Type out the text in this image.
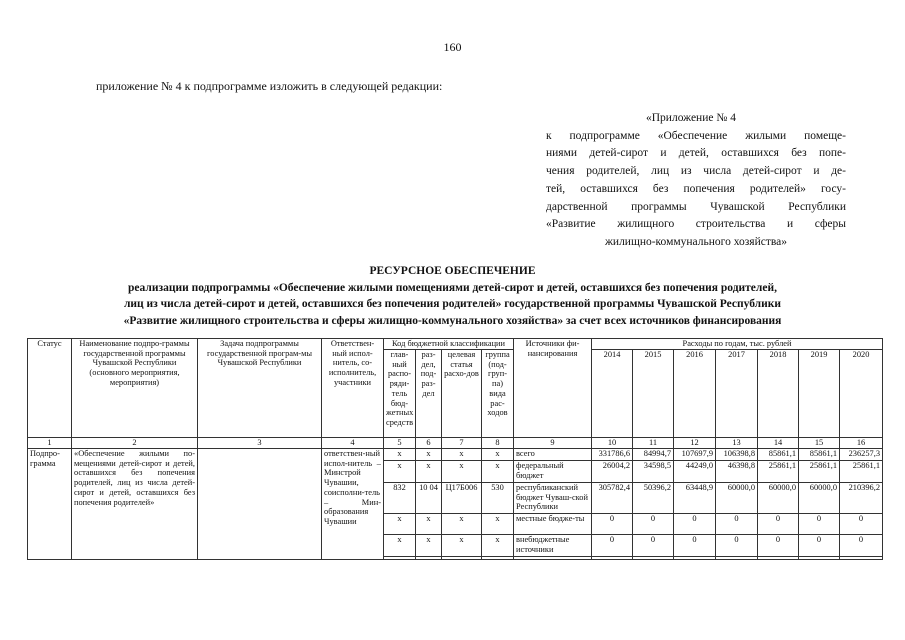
160
приложение № 4 к подпрограмме изложить в следующей редакции:
«Приложение № 4
к подпрограмме «Обеспечение жилыми помеще-
ниями детей-сирот и детей, оставшихся без попе-
чения родителей, лиц из числа детей-сирот и де-
тей, оставшихся без попечения родителей» госу-
дарственной программы Чувашской Республики
«Развитие жилищного строительства и сферы
жилищно-коммунального хозяйства»
РЕСУРСНОЕ ОБЕСПЕЧЕНИЕ
реализации подпрограммы «Обеспечение жилыми помещениями детей-сирот и детей, оставшихся без попечения родителей,
лиц из числа детей-сирот и детей, оставшихся без попечения родителей» государственной программы Чувашской Республики
«Развитие жилищного строительства и сферы жилищно-коммунального хозяйства» за счет всех источников финансирования
Статус	Наименование подпро-граммы государственной программы Чувашской Республики (основного мероприятия, мероприятия)	Задача подпрограммы государственной програм-мы Чувашской Республики	Ответствен-ный испол-нитель, со-исполнитель, участники	Код бюджетной классификации				Источники фи-нансирования	Расходы по годам, тыс. рублей						
				глав-ный распо-ряди-тель бюд-жетных средств	раз-дел, под-раз-дел	целевая статья расхо-дов	группа (под-груп-па) вида рас-ходов		2014	2015	2016	2017	2018	2019	2020
1	2	3	4	5	6	7	8	9	10	11	12	13	14	15	16
Подпро-грамма	«Обеспечение жилыми по-мещениями детей-сирот и детей, оставшихся без попечения родителей, лиц из числа детей-сирот и детей, оставшихся без попечения родителей»		ответствен-ный испол-нитель – Минстрой Чувашии, соисполни-тель – Мин-образования Чувашии	x	x	x	x	всего	331786,6	84994,7	107697,9	106398,8	85861,1	85861,1	236257,3
				x	x	x	x	федеральный бюджет	26004,2	34598,5	44249,0	46398,8	25861,1	25861,1	25861,1
				832	10 04	Ц17Б006	530	республиканский бюджет Чуваш-ской Республики	305782,4	50396,2	63448,9	60000,0	60000,0	60000,0	210396,2
				x	x	x	x	местные бюдже-ты	0	0	0	0	0	0	0
				x	x	x	x	внебюджетные источники	0	0	0	0	0	0	0
